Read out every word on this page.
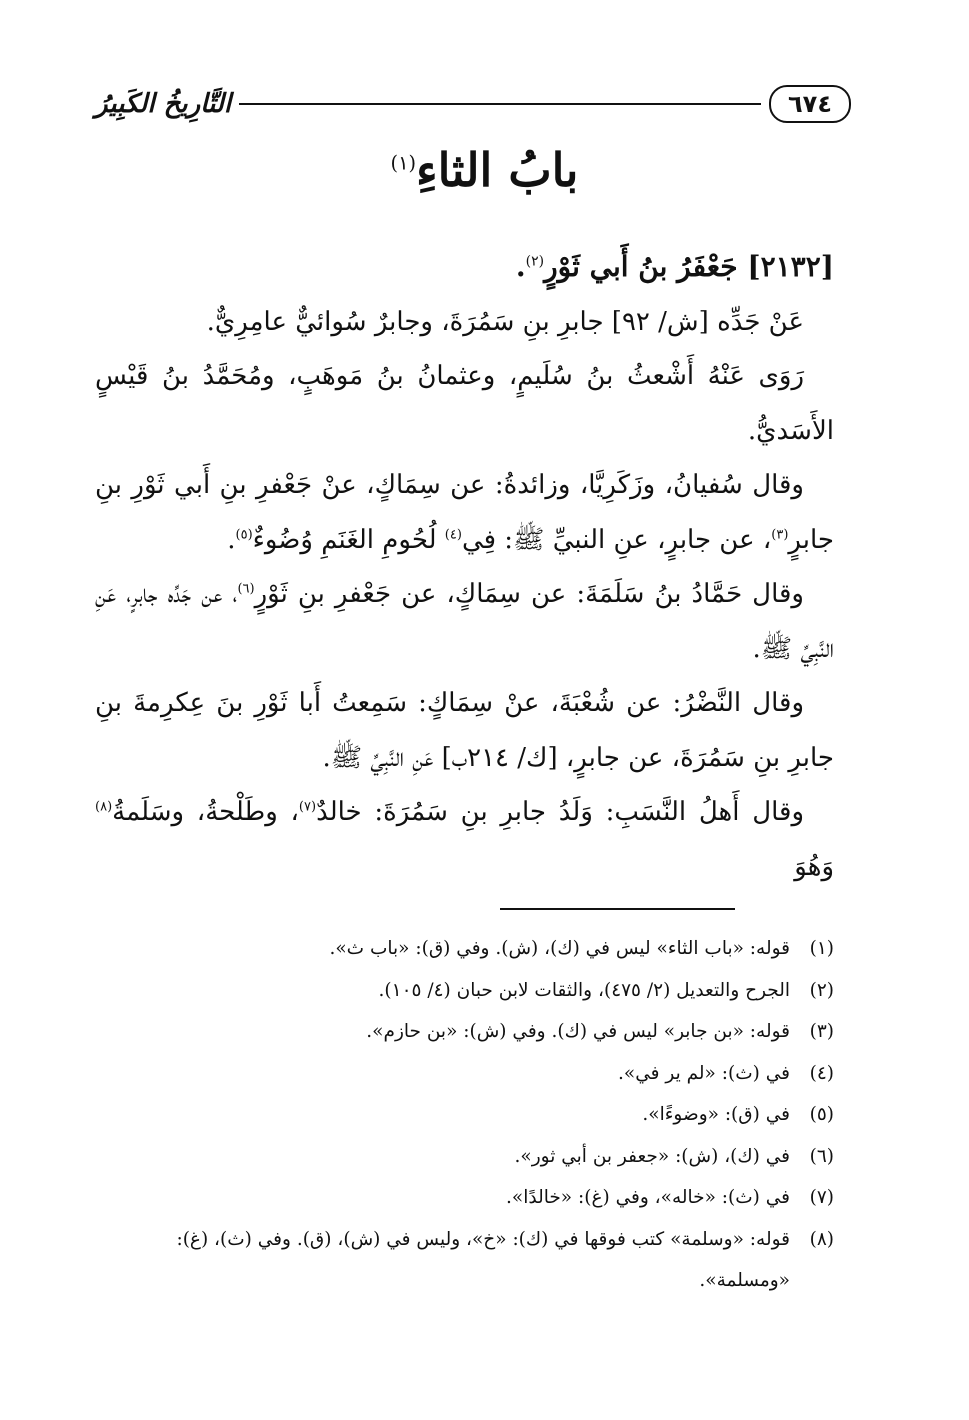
٦٧٤
التَّارِيخُ الكَبِيرُ
بابُ الثاءِ$^{(١)}$

[٢١٣٢] جَعْفَرُ بنُ أَبي ثَوْرٍ$^{(٢)}$.

عَنْ جَدِّه [ش/ ٩٢] جابرِ بنِ سَمُرَةَ، وجابرٌ سُوائيٌّ عامِرِيٌّ.

رَوَى عَنْهُ أَشْعثُ بنُ سُلَيمٍ، وعثمانُ بنُ مَوهَبٍ، ومُحَمَّدُ بنُ قَيْسٍ الأَسَديُّ.

وقال سُفيانُ، وزَكَرِيَّا، وزائدةُ: عن سِمَاكٍ، عنْ جَعْفرِ بنِ أَبي ثَوْرِ بنِ جابرٍ$^{(٣)}$، عن جابرٍ، عنِ النبيِّ ﷺ: فِي$^{(٤)}$ لُحُومِ الغَنَمِ وُضُوءٌ$^{(٥)}$.

وقال حَمَّادُ بنُ سَلَمَةَ: عن سِمَاكٍ، عن جَعْفرِ بنِ ثَوْرٍ$^{(٦)}$، عن جَدِّه جابرٍ، عَنِ النَّبِيِّ ﷺ.

وقال النَّضْرُ: عن شُعْبَةَ، عنْ سِمَاكٍ: سَمِعتُ أَبا ثَوْرِ بنَ عِكرِمةَ بنِ جابرِ بنِ سَمُرَةَ، عن جابرٍ، [ك/ ٢١٤ب] عَنِ النَّبِيِّ ﷺ.

وقال أَهلُ النَّسَبِ: وَلَدُ جابرِ بنِ سَمُرَةَ: خالدٌ$^{(٧)}$، وطَلْحةُ، وسَلَمةُ$^{(٨)}$ وَهُوَ

(١)
قوله: «باب الثاء» ليس في (ك)، (ش). وفي (ق): «باب ث».
(٢)
الجرح والتعديل (٢/ ٤٧٥)، والثقات لابن حبان (٤/ ١٠٥).
(٣)
قوله: «بن جابر» ليس في (ك). وفي (ش): «بن حازم».
(٤)
في (ث): «لم ير في».
(٥)
في (ق): «وضوءًا».
(٦)
في (ك)، (ش): «جعفر بن أبي ثور».
(٧)
في (ث): «خاله»، وفي (غ): «خالدًا».
(٨)
قوله: «وسلمة» كتب فوقها في (ك): «خ»، وليس في (ش)، (ق). وفي (ث)، (غ): «ومسلمة».
